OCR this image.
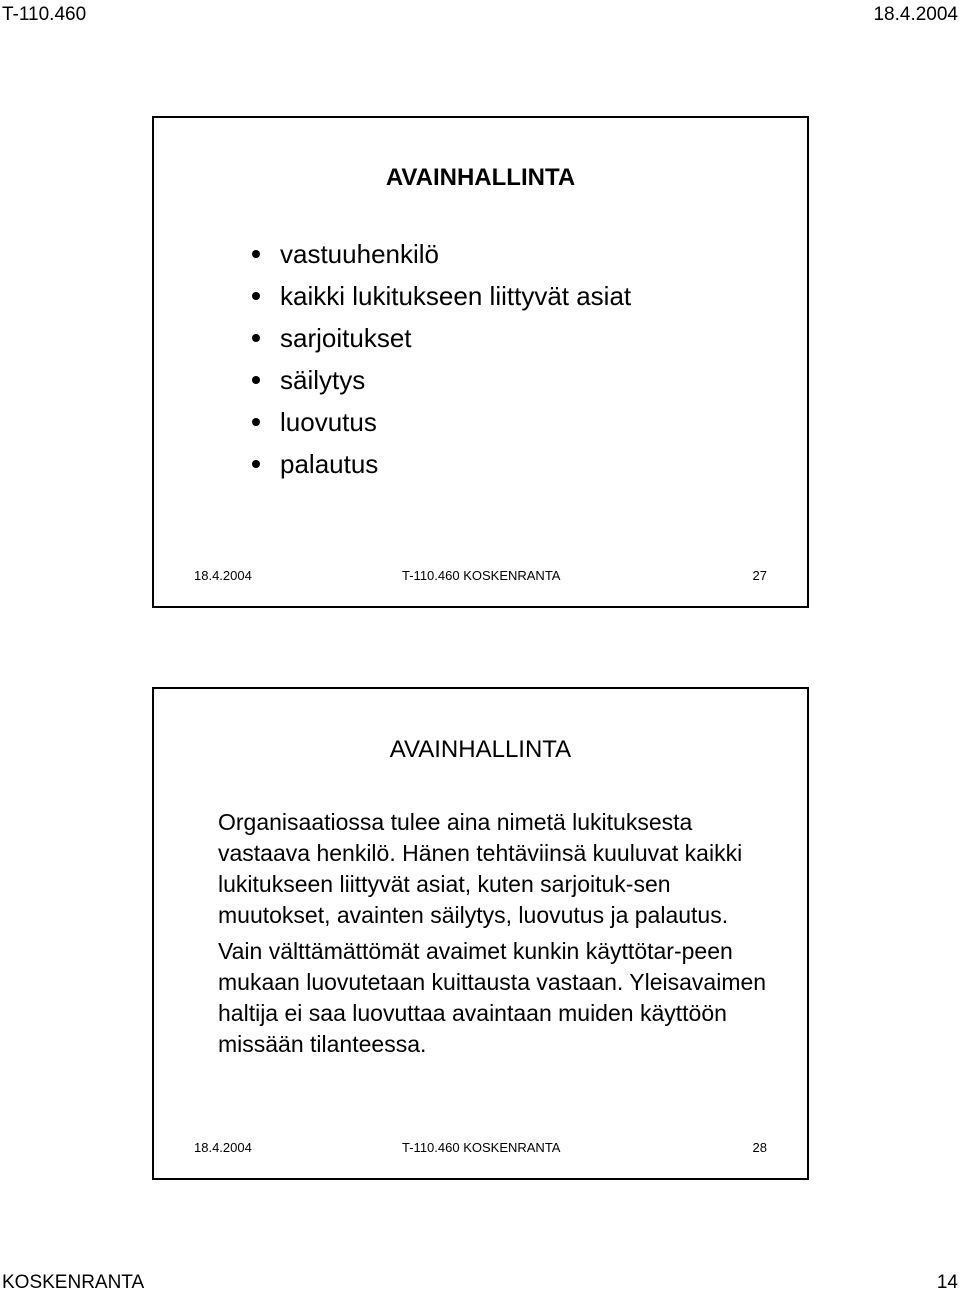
T-110.460	18.4.2004
AVAINHALLINTA
vastuuhenkilö
kaikki lukitukseen liittyvät asiat
sarjoitukset
säilytys
luovutus
palautus
18.4.2004	T-110.460 KOSKENRANTA	27
AVAINHALLINTA

Organisaatiossa tulee aina nimetä lukituksesta vastaava henkilö. Hänen tehtäviinsä kuuluvat kaikki lukitukseen liittyvät asiat, kuten sarjoituk-sen muutokset, avainten säilytys, luovutus ja palautus.

Vain välttämättömät avaimet kunkin käyttötar-peen mukaan luovutetaan kuittausta vastaan. Yleisavaimen haltija ei saa luovuttaa avaintaan muiden käyttöön missään tilanteessa.

18.4.2004	T-110.460 KOSKENRANTA	28
KOSKENRANTA	14
